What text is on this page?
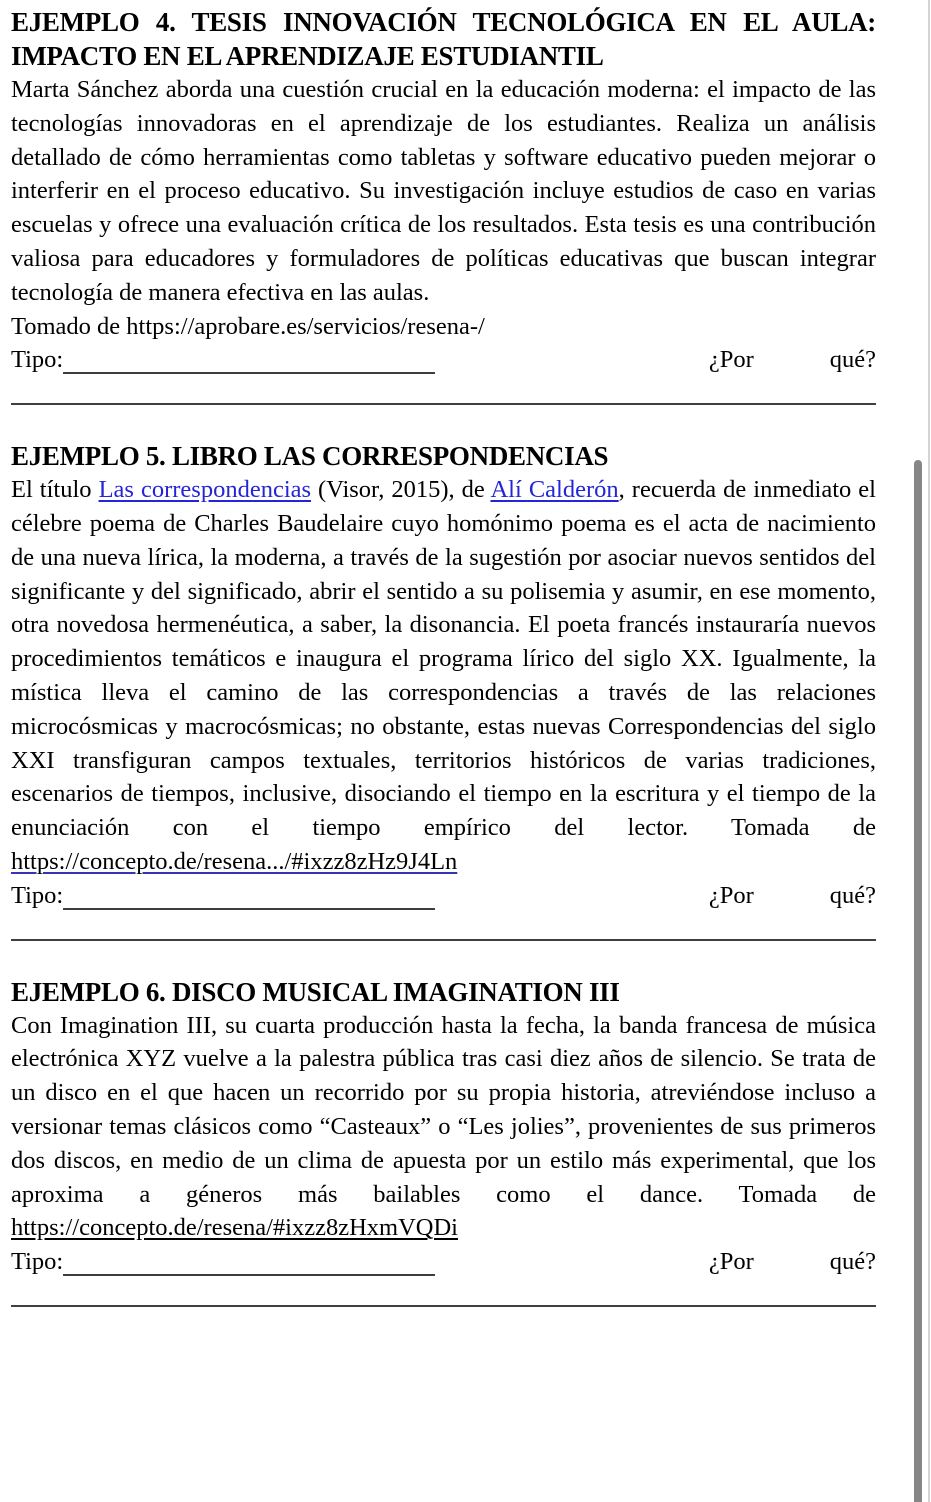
EJEMPLO 4. TESIS INNOVACIÓN TECNOLÓGICA EN EL AULA: IMPACTO EN EL APRENDIZAJE ESTUDIANTIL

Marta Sánchez aborda una cuestión crucial en la educación moderna: el impacto de las tecnologías innovadoras en el aprendizaje de los estudiantes. Realiza un análisis detallado de cómo herramientas como tabletas y software educativo pueden mejorar o interferir en el proceso educativo. Su investigación incluye estudios de caso en varias escuelas y ofrece una evaluación crítica de los resultados. Esta tesis es una contribución valiosa para educadores y formuladores de políticas educativas que buscan integrar tecnología de manera efectiva en las aulas.

Tomado de https://aprobare.es/servicios/resena-/

Tipo:	¿Por	qué?
EJEMPLO 5. LIBRO LAS CORRESPONDENCIAS

El título Las correspondencias (Visor, 2015), de Alí Calderón, recuerda de inmediato el célebre poema de Charles Baudelaire cuyo homónimo poema es el acta de nacimiento de una nueva lírica, la moderna, a través de la sugestión por asociar nuevos sentidos del significante y del significado, abrir el sentido a su polisemia y asumir, en ese momento, otra novedosa hermenéutica, a saber, la disonancia. El poeta francés instauraría nuevos procedimientos temáticos e inaugura el programa lírico del siglo XX. Igualmente, la mística lleva el camino de las correspondencias a través de las relaciones microcósmicas y macrocósmicas; no obstante, estas nuevas Correspondencias del siglo XXI transfiguran campos textuales, territorios históricos de varias tradiciones, escenarios de tiempos, inclusive, disociando el tiempo en la escritura y el tiempo de la enunciación con el tiempo empírico del lector. Tomada de https://concepto.de/resena.../#ixzz8zHz9J4Ln

Tipo:	¿Por	qué?
EJEMPLO 6. DISCO MUSICAL IMAGINATION III

Con Imagination III, su cuarta producción hasta la fecha, la banda francesa de música electrónica XYZ vuelve a la palestra pública tras casi diez años de silencio. Se trata de un disco en el que hacen un recorrido por su propia historia, atreviéndose incluso a versionar temas clásicos como “Casteaux” o “Les jolies”, provenientes de sus primeros dos discos, en medio de un clima de apuesta por un estilo más experimental, que los aproxima a géneros más bailables como el dance. Tomada de https://concepto.de/resena/#ixzz8zHxmVQDi

Tipo:	¿Por	qué?
